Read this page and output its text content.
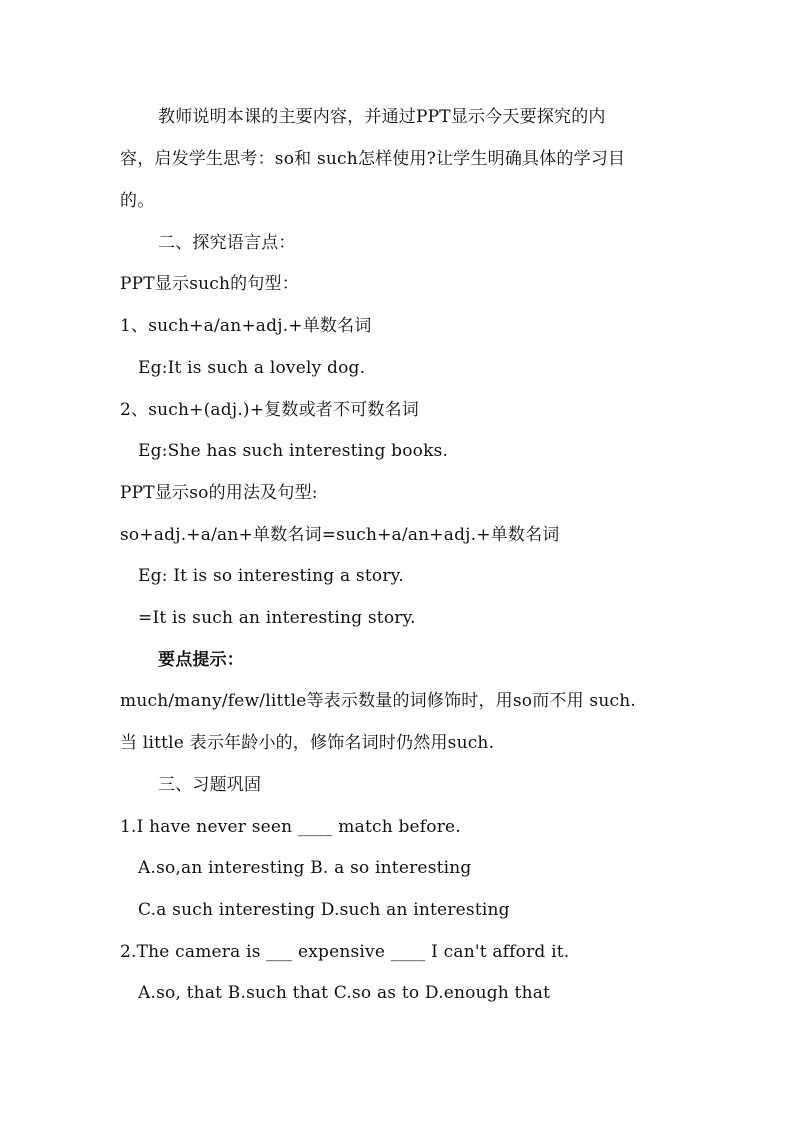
教师说明本课的主要内容，并通过PPT显示今天要探究的内
容，启发学生思考：so和 such怎样使用?让学生明确具体的学习目
的。
二、探究语言点：
PPT显示such的句型：
1、such+a/an+adj.+单数名词
Eg:It is such a lovely dog.
2、such+(adj.)+复数或者不可数名词
Eg:She has such interesting books.
PPT显示so的用法及句型:
so+adj.+a/an+单数名词=such+a/an+adj.+单数名词
Eg: It is so interesting a story.
=It is such an interesting story.
要点提示：
much/many/few/little等表示数量的词修饰时，用so而不用 such.
当 little 表示年龄小的，修饰名词时仍然用such.
三、习题巩固
1.I have never seen ____ match before.
A.so,an interesting B. a so interesting
C.a such interesting D.such an interesting
2.The camera is ___ expensive ____ I can't afford it.
A.so, that B.such that C.so as to D.enough that
